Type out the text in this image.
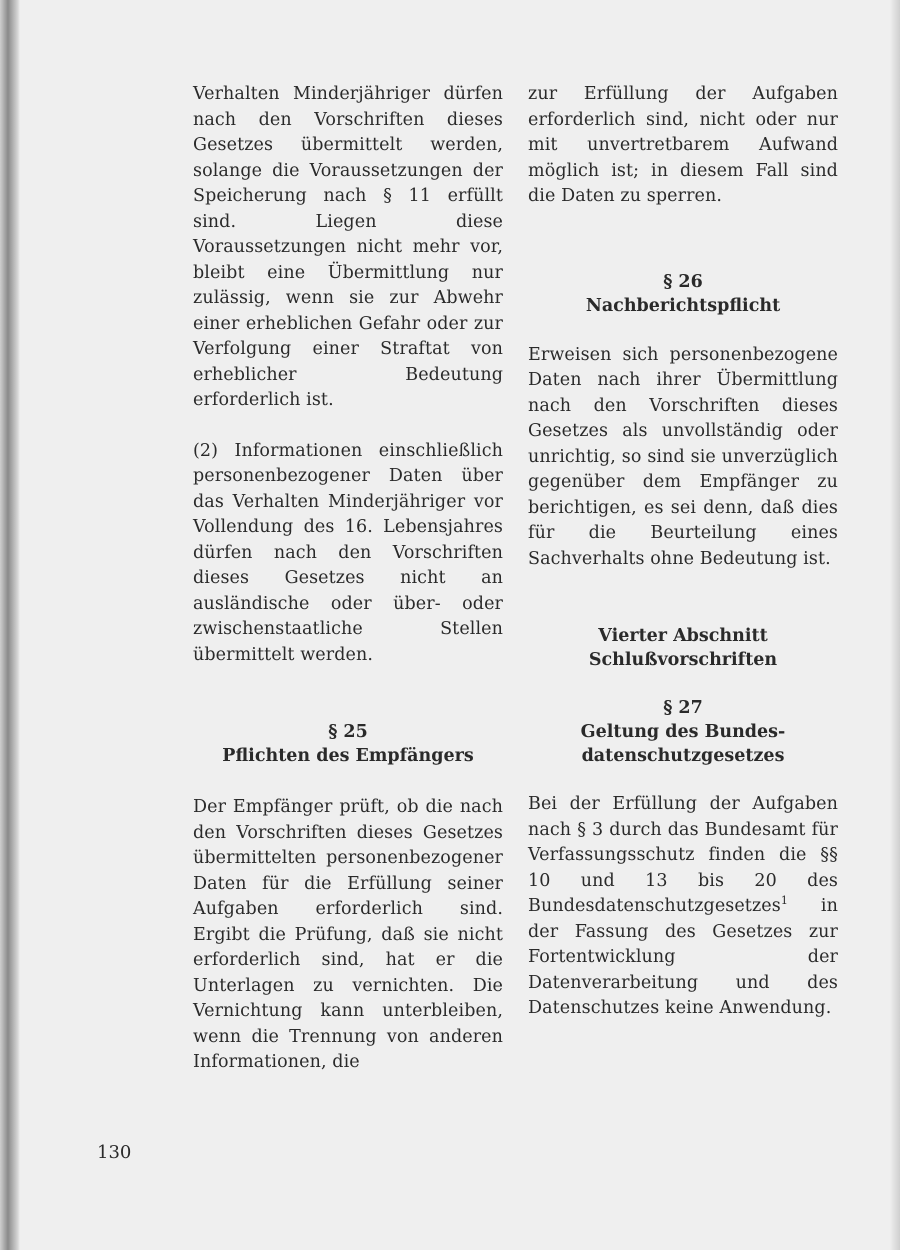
Verhalten Minderjähriger dürfen nach den Vorschriften dieses Gesetzes übermittelt werden, solange die Voraussetzungen der Speicherung nach § 11 erfüllt sind. Liegen diese Voraussetzungen nicht mehr vor, bleibt eine Übermittlung nur zulässig, wenn sie zur Abwehr einer erheblichen Gefahr oder zur Verfolgung einer Straftat von erheblicher Bedeutung erforderlich ist.

(2) Informationen einschließlich personenbezogener Daten über das Verhalten Minderjähriger vor Vollendung des 16. Lebensjahres dürfen nach den Vorschriften dieses Gesetzes nicht an ausländische oder über- oder zwischenstaatliche Stellen übermittelt werden.

§ 25
Pflichten des Empfängers

Der Empfänger prüft, ob die nach den Vorschriften dieses Gesetzes übermittelten personenbezogener Daten für die Erfüllung seiner Aufgaben erforderlich sind. Ergibt die Prüfung, daß sie nicht erforderlich sind, hat er die Unterlagen zu vernichten. Die Vernichtung kann unterbleiben, wenn die Trennung von anderen Informationen, die

zur Erfüllung der Aufgaben erforderlich sind, nicht oder nur mit unvertretbarem Aufwand möglich ist; in diesem Fall sind die Daten zu sperren.

§ 26
Nachberichtspflicht

Erweisen sich personenbezogene Daten nach ihrer Übermittlung nach den Vorschriften dieses Gesetzes als unvollständig oder unrichtig, so sind sie unverzüglich gegenüber dem Empfänger zu berichtigen, es sei denn, daß dies für die Beurteilung eines Sachverhalts ohne Bedeutung ist.

Vierter Abschnitt
Schlußvorschriften
§ 27
Geltung des Bundes-
datenschutzgesetzes

Bei der Erfüllung der Aufgaben nach § 3 durch das Bundesamt für Verfassungsschutz finden die §§ 10 und 13 bis 20 des Bundesdatenschutzgesetzes$^1$ in der Fassung des Gesetzes zur Fortentwicklung der Datenverarbeitung und des Datenschutzes keine Anwendung.

130
